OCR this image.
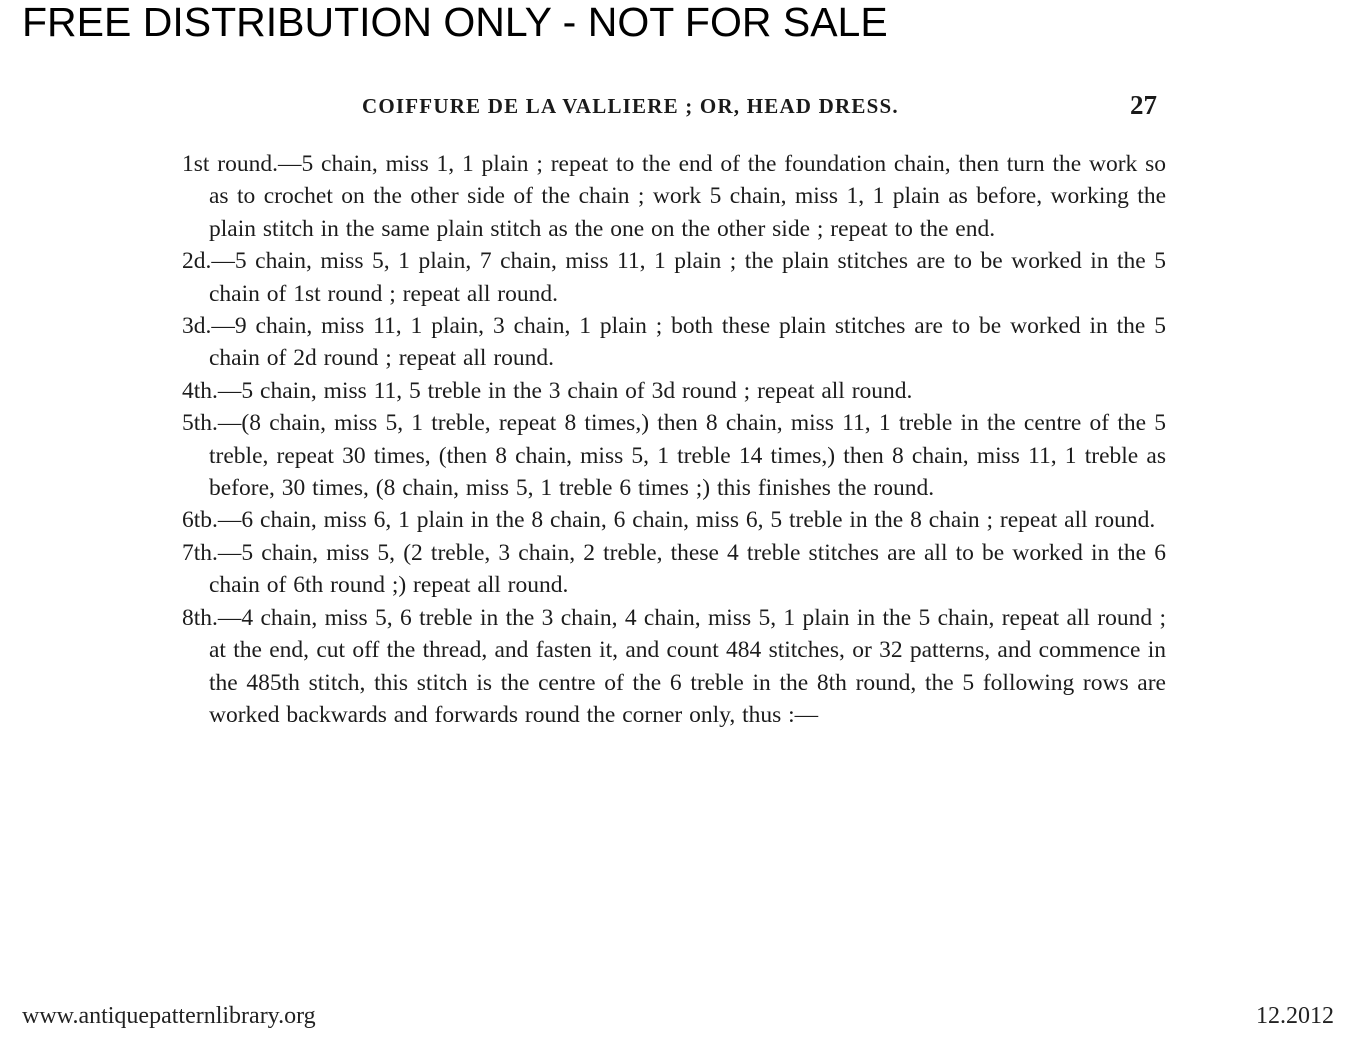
FREE DISTRIBUTION ONLY - NOT FOR SALE
COIFFURE DE LA VALLIERE ; OR, HEAD DRESS.	27

1st round.—5 chain, miss 1, 1 plain ; repeat to the end of the foundation chain, then turn the work so as to crochet on the other side of the chain ; work 5 chain, miss 1, 1 plain as before, working the plain stitch in the same plain stitch as the one on the other side ; repeat to the end.

2d.—5 chain, miss 5, 1 plain, 7 chain, miss 11, 1 plain ; the plain stitches are to be worked in the 5 chain of 1st round ; repeat all round.

3d.—9 chain, miss 11, 1 plain, 3 chain, 1 plain ; both these plain stitches are to be worked in the 5 chain of 2d round ; repeat all round.

4th.—5 chain, miss 11, 5 treble in the 3 chain of 3d round ; repeat all round.

5th.—(8 chain, miss 5, 1 treble, repeat 8 times,) then 8 chain, miss 11, 1 treble in the centre of the 5 treble, repeat 30 times, (then 8 chain, miss 5, 1 treble 14 times,) then 8 chain, miss 11, 1 treble as before, 30 times, (8 chain, miss 5, 1 treble 6 times ;) this finishes the round.

6tb.—6 chain, miss 6, 1 plain in the 8 chain, 6 chain, miss 6, 5 treble in the 8 chain ; repeat all round.

7th.—5 chain, miss 5, (2 treble, 3 chain, 2 treble, these 4 treble stitches are all to be worked in the 6 chain of 6th round ;) repeat all round.

8th.—4 chain, miss 5, 6 treble in the 3 chain, 4 chain, miss 5, 1 plain in the 5 chain, repeat all round ; at the end, cut off the thread, and fasten it, and count 484 stitches, or 32 patterns, and commence in the 485th stitch, this stitch is the centre of the 6 treble in the 8th round, the 5 following rows are worked backwards and forwards round the corner only, thus :—

www.antiquepatternlibrary.org	12.2012
